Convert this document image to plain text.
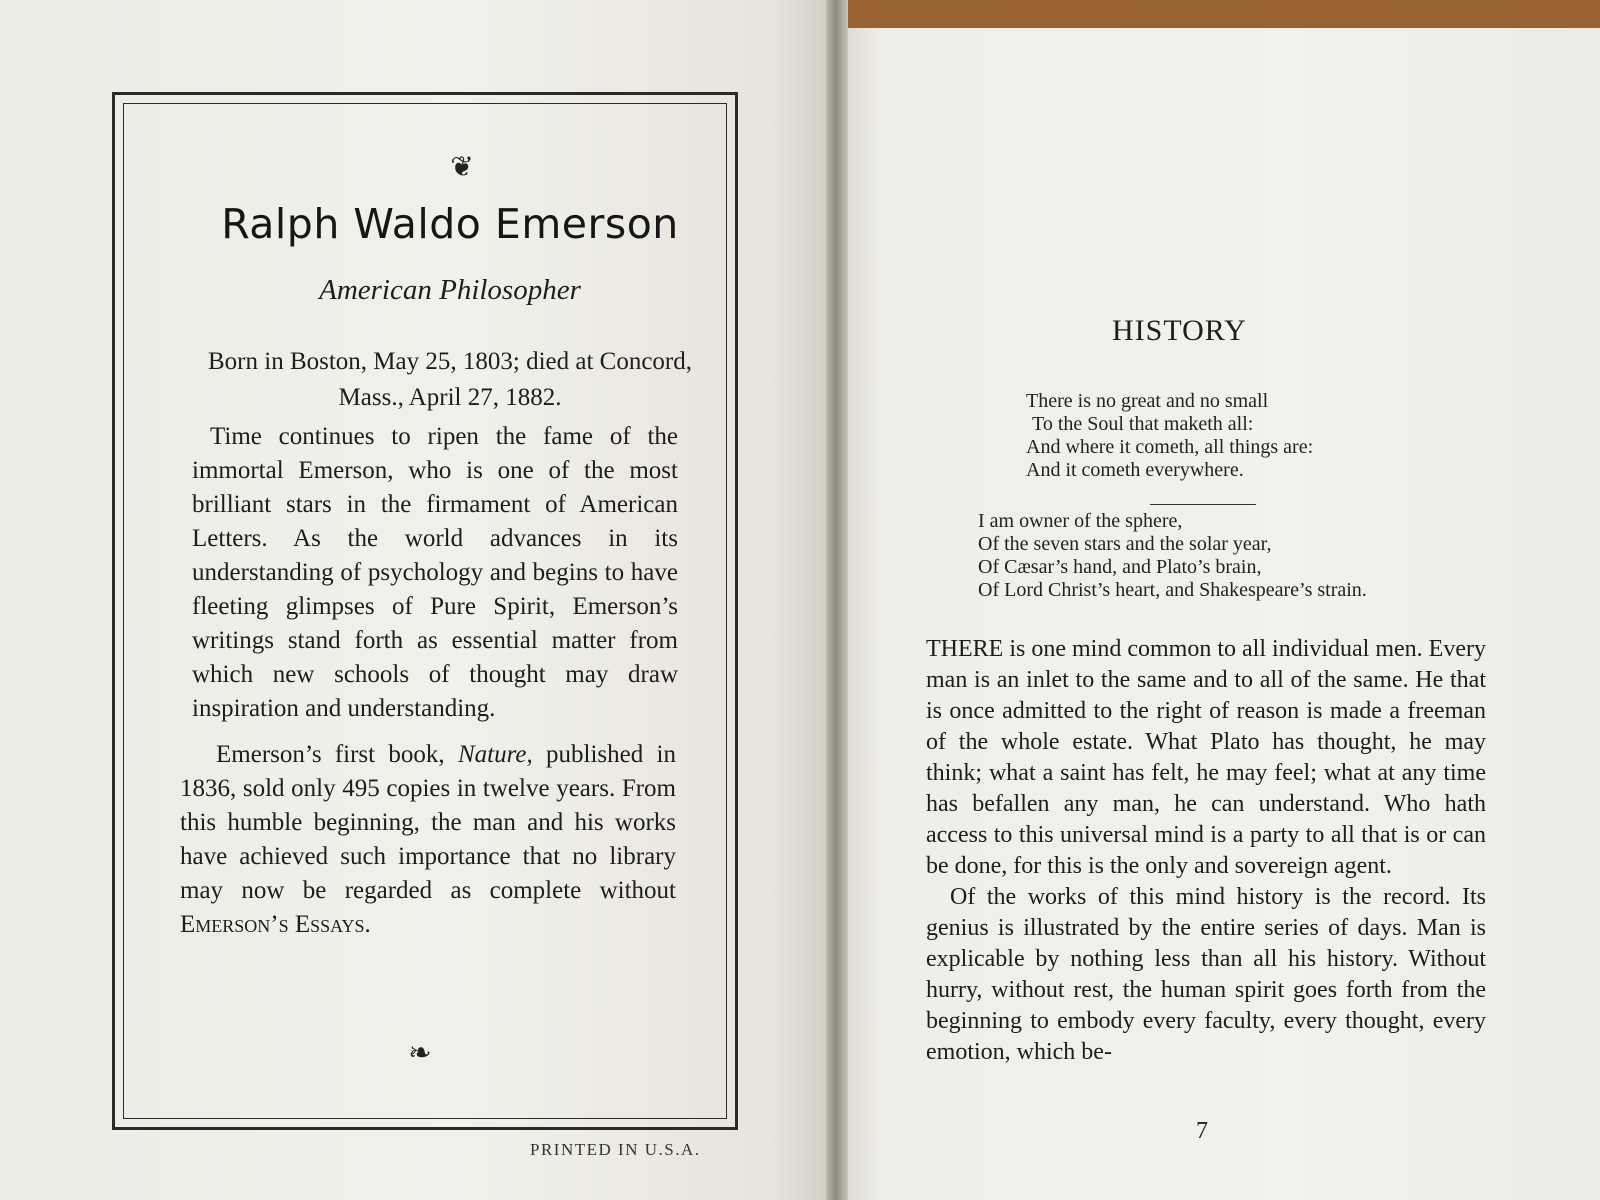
❦
Ralph Waldo Emerson
American Philosopher
Born in Boston, May 25, 1803; died at Concord, Mass., April 27, 1882.
Time continues to ripen the fame of the immortal Emerson, who is one of the most brilliant stars in the firmament of American Letters. As the world advances in its understanding of psychology and begins to have fleeting glimpses of Pure Spirit, Emerson’s writings stand forth as essential matter from which new schools of thought may draw inspiration and understanding.
Emerson’s first book, Nature, published in 1836, sold only 495 copies in twelve years. From this humble beginning, the man and his works have achieved such importance that no library may now be regarded as complete without Emerson’s Essays.
❧
PRINTED IN U.S.A.
HISTORY
There is no great and no small
To the Soul that maketh all:
And where it cometh, all things are:
And it cometh everywhere.
I am owner of the sphere,
Of the seven stars and the solar year,
Of Cæsar’s hand, and Plato’s brain,
Of Lord Christ’s heart, and Shakespeare’s strain.

THERE is one mind common to all individual men. Every man is an inlet to the same and to all of the same. He that is once admitted to the right of reason is made a freeman of the whole estate. What Plato has thought, he may think; what a saint has felt, he may feel; what at any time has befallen any man, he can understand. Who hath access to this universal mind is a party to all that is or can be done, for this is the only and sovereign agent.

Of the works of this mind history is the record. Its genius is illustrated by the entire series of days. Man is explicable by nothing less than all his history. Without hurry, without rest, the human spirit goes forth from the beginning to embody every faculty, every thought, every emotion, which be-

7
